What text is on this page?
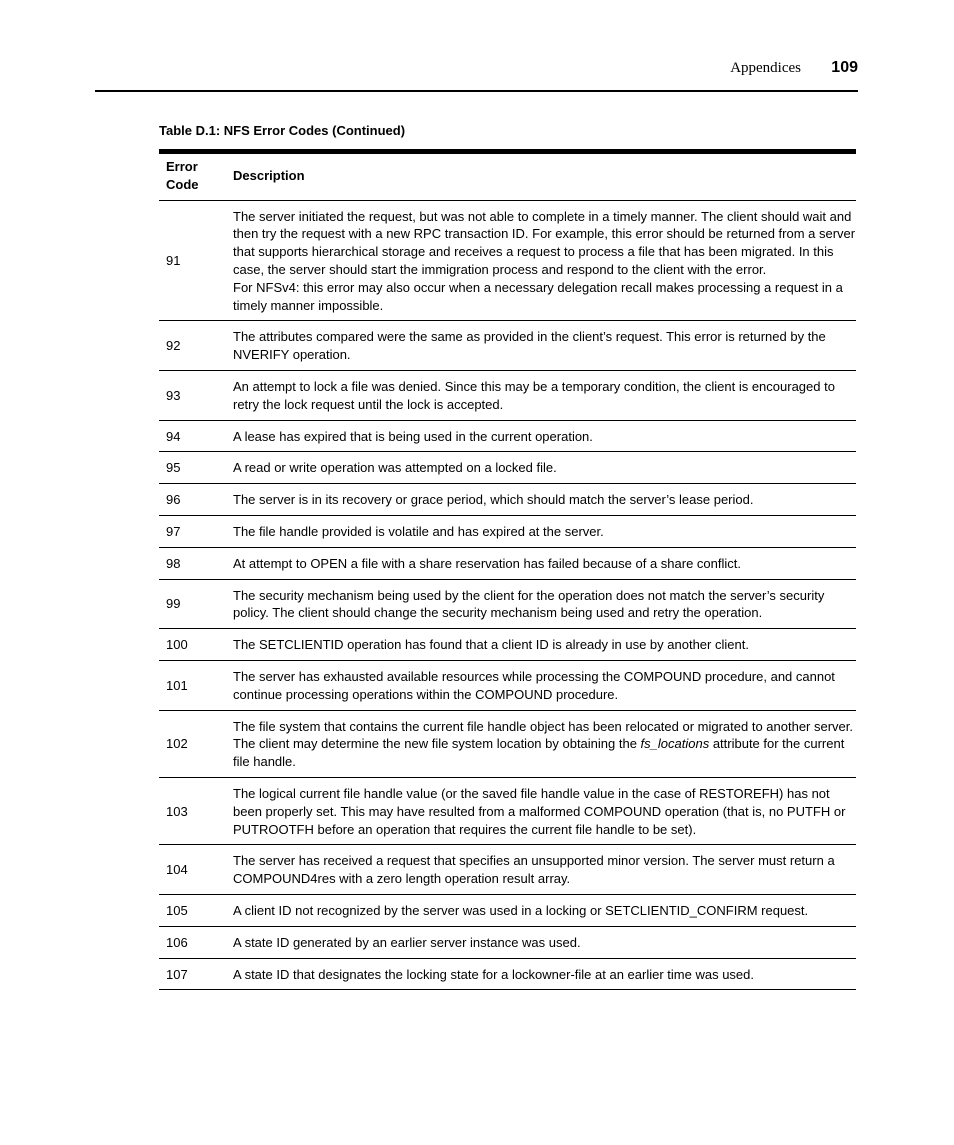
Appendices 109
Table D.1: NFS Error Codes (Continued)
Error
Code	Description
91	The server initiated the request, but was not able to complete in a timely manner. The client should wait and then try the request with a new RPC transaction ID. For example, this error should be returned from a server that supports hierarchical storage and receives a request to process a file that has been migrated. In this case, the server should start the immigration process and respond to the client with the error.
For NFSv4: this error may also occur when a necessary delegation recall makes processing a request in a timely manner impossible.
92	The attributes compared were the same as provided in the client’s request. This error is returned by the NVERIFY operation.
93	An attempt to lock a file was denied. Since this may be a temporary condition, the client is encouraged to retry the lock request until the lock is accepted.
94	A lease has expired that is being used in the current operation.
95	A read or write operation was attempted on a locked file.
96	The server is in its recovery or grace period, which should match the server’s lease period.
97	The file handle provided is volatile and has expired at the server.
98	At attempt to OPEN a file with a share reservation has failed because of a share conflict.
99	The security mechanism being used by the client for the operation does not match the server’s security policy. The client should change the security mechanism being used and retry the operation.
100	The SETCLIENTID operation has found that a client ID is already in use by another client.
101	The server has exhausted available resources while processing the COMPOUND procedure, and cannot continue processing operations within the COMPOUND procedure.
102	The file system that contains the current file handle object has been relocated or migrated to another server. The client may determine the new file system location by obtaining the fs_locations attribute for the current file handle.
103	The logical current file handle value (or the saved file handle value in the case of RESTOREFH) has not been properly set. This may have resulted from a malformed COMPOUND operation (that is, no PUTFH or PUTROOTFH before an operation that requires the current file handle to be set).
104	The server has received a request that specifies an unsupported minor version. The server must return a COMPOUND4res with a zero length operation result array.
105	A client ID not recognized by the server was used in a locking or SETCLIENTID_CONFIRM request.
106	A state ID generated by an earlier server instance was used.
107	A state ID that designates the locking state for a lockowner-file at an earlier time was used.
